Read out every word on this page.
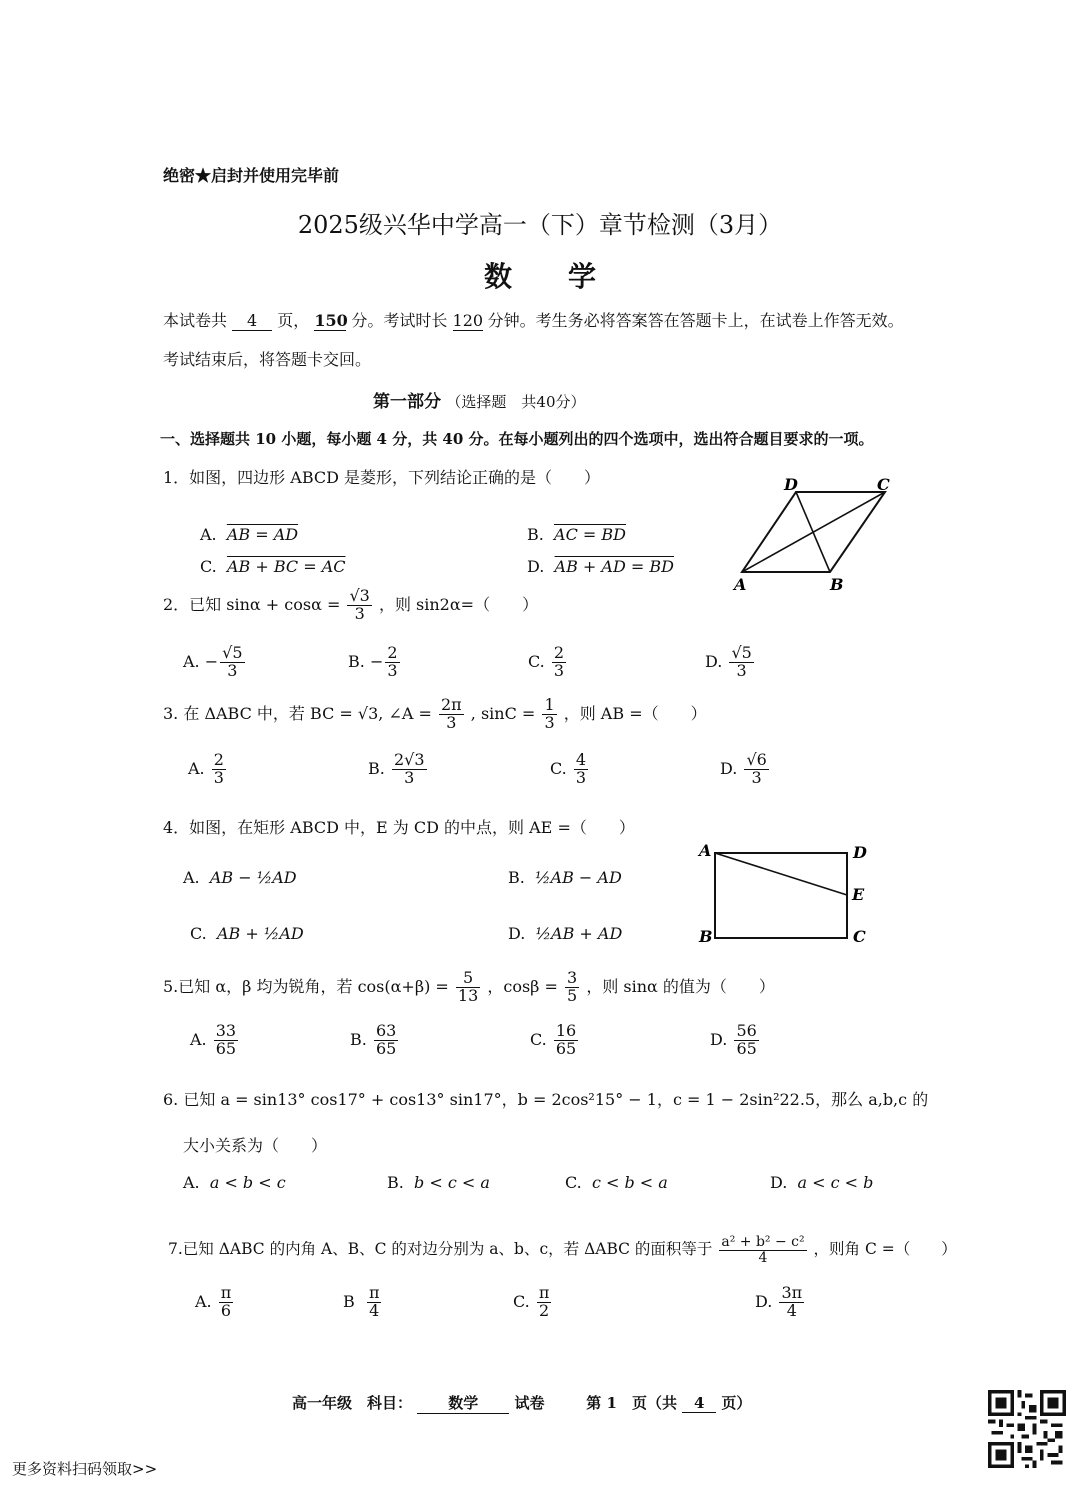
绝密★启封并使用完毕前
2025级兴华中学高一（下）章节检测（3月）
数　　学
本试卷共 4 页， 150 分。考试时长 120 分钟。考生务必将答案答在答题卡上，在试卷上作答无效。
考试结束后，将答题卡交回。
第一部分 （选择题　共40分）
一、选择题共 10 小题，每小题 4 分，共 40 分。在每小题列出的四个选项中，选出符合题目要求的一项。
1．如图，四边形 ABCD 是菱形，下列结论正确的是（　　）
A. AB = AD	B. AC = BD
C. AB + BC = AC	D. AB + AD = BD
A	B
C
D
2．已知 $\sin\alpha + \cos\alpha = \frac{√3}{3}$ ，则 sin2α=（　　）
A. − $\frac{√5}{3}$	B. − $\frac{2}{3}$	C. $\frac{2}{3}$	D. $\frac{√5}{3}$
3. 在 ΔABC 中，若 BC = √3, ∠A = $\frac{2\pi}{3}$ , $\sin C = \frac{1}{3}$ ，则 AB =（　　）
A. $\frac{2}{3}$	B. $\frac{2√3}{3}$	C. $\frac{4}{3}$	D. $\frac{√6}{3}$
4．如图，在矩形 ABCD 中，E 为 CD 的中点，则 AE =（　　）
A. AB − ½AD	B. ½AB − AD
C. AB + ½AD	D. ½AB + AD
A
B	C
D
E
5.已知 α，β 均为锐角，若 $\cos(\alpha+\beta) = \frac{5}{13}$ ，$\cos\beta = \frac{3}{5}$ ，则 sinα 的值为（　　）
A. $\frac{33}{65}$	B. $\frac{63}{65}$	C. $\frac{16}{65}$	D. $\frac{56}{65}$
6. 已知 a = sin13° cos17° + cos13° sin17°，b = 2cos²15° − 1，c = 1 − 2sin²22.5，那么 a,b,c 的
大小关系为（　　）
A. a < b < c	B. b < c < a	C. c < b < a	D. a < c < b
7.已知 ΔABC 的内角 A、B、C 的对边分别为 a、b、c，若 ΔABC 的面积等于 $\frac{\text{a² + b² − c²}}{4}$ ，则角 C =（　　）
A. $\frac{\pi}{6}$	B $\frac{\pi}{4}$	C. $\frac{\pi}{2}$	D. $\frac{3\pi}{4}$
高一年级　科目： 数学 试卷	第 1　页（共 4 页）
更多资料扫码领取>>
